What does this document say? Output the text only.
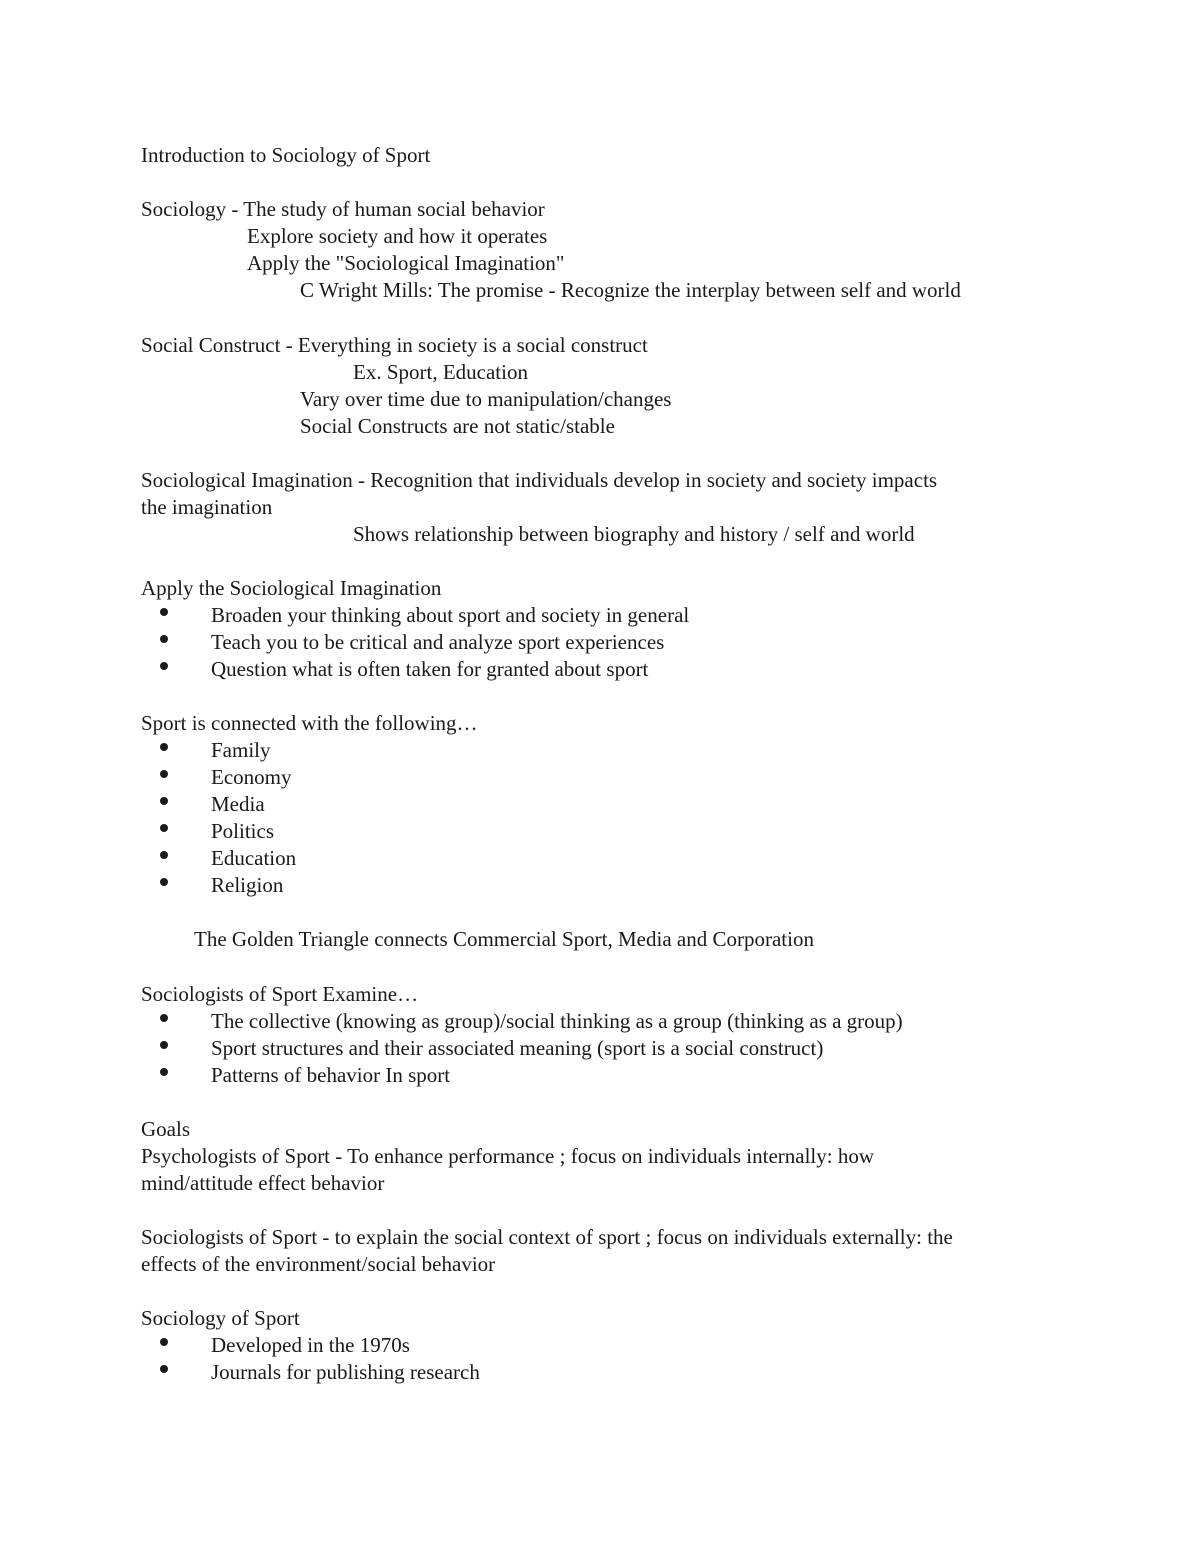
Introduction to Sociology of Sport
Sociology - The study of human social behavior
Explore society and how it operates
Apply the "Sociological Imagination"
C Wright Mills: The promise - Recognize the interplay between self and world
Social Construct - Everything in society is a social construct
Ex. Sport, Education
Vary over time due to manipulation/changes
Social Constructs are not static/stable
Sociological Imagination - Recognition that individuals develop in society and society impacts
the imagination
Shows relationship between biography and history / self and world
Apply the Sociological Imagination
Broaden your thinking about sport and society in general
Teach you to be critical and analyze sport experiences
Question what is often taken for granted about sport
Sport is connected with the following…
Family
Economy
Media
Politics
Education
Religion
The Golden Triangle connects Commercial Sport, Media and Corporation
Sociologists of Sport Examine…
The collective (knowing as group)/social thinking as a group (thinking as a group)
Sport structures and their associated meaning (sport is a social construct)
Patterns of behavior In sport
Goals
Psychologists of Sport - To enhance performance ; focus on individuals internally: how
mind/attitude effect behavior
Sociologists of Sport - to explain the social context of sport ; focus on individuals externally: the
effects of the environment/social behavior
Sociology of Sport
Developed in the 1970s
Journals for publishing research
